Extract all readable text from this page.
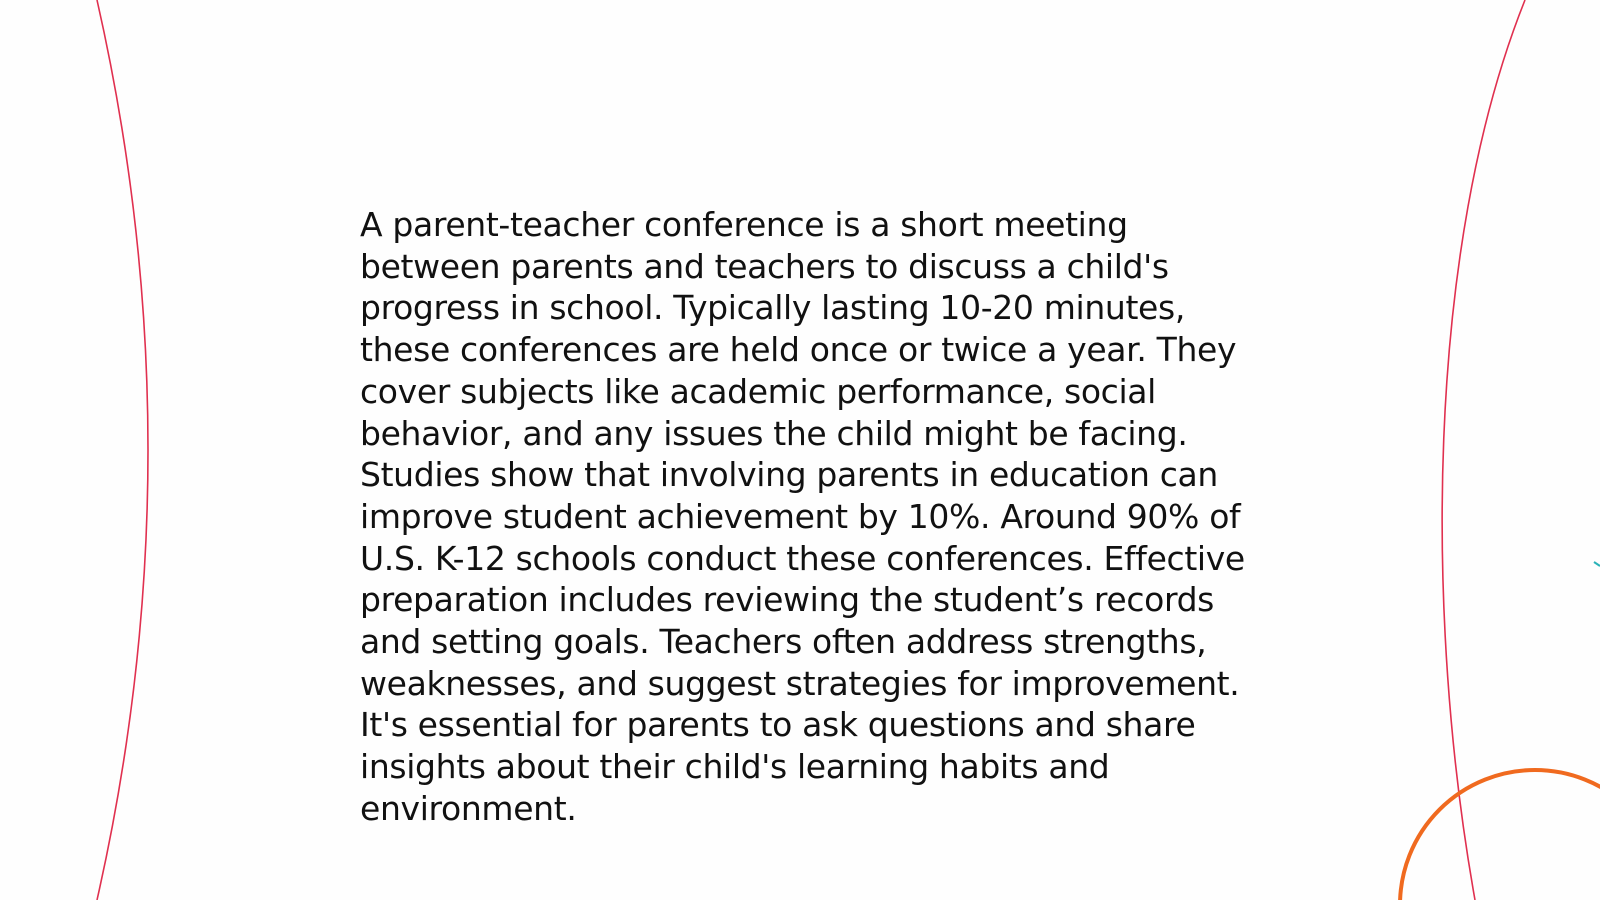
A parent-teacher conference is a short meeting
between parents and teachers to discuss a child's
progress in school. Typically lasting 10-20 minutes,
these conferences are held once or twice a year. They
cover subjects like academic performance, social
behavior, and any issues the child might be facing.
Studies show that involving parents in education can
improve student achievement by 10%. Around 90% of
U.S. K-12 schools conduct these conferences. Effective
preparation includes reviewing the student’s records
and setting goals. Teachers often address strengths,
weaknesses, and suggest strategies for improvement.
It's essential for parents to ask questions and share
insights about their child's learning habits and
environment.
